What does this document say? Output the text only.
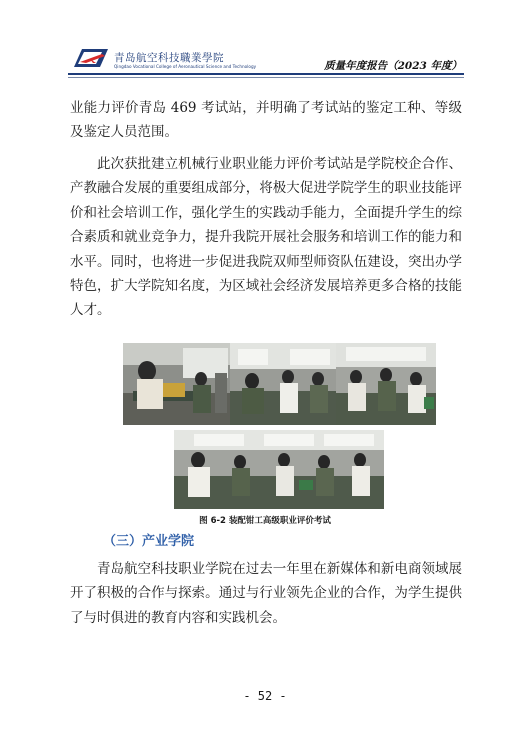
青岛航空科技職業學院
Qingdao Vocational College of Aeronautical Science and Technology	质量年度报告（2023 年度）

业能力评价青岛 469 考试站，并明确了考试站的鉴定工种、等级及鉴定人员范围。

此次获批建立机械行业职业能力评价考试站是学院校企合作、产教融合发展的重要组成部分，将极大促进学院学生的职业技能评价和社会培训工作，强化学生的实践动手能力，全面提升学生的综合素质和就业竞争力，提升我院开展社会服务和培训工作的能力和水平。同时，也将进一步促进我院双师型师资队伍建设，突出办学特色，扩大学院知名度，为区域社会经济发展培养更多合格的技能人才。

图 6-2 装配钳工高级职业评价考试
（三）产业学院

青岛航空科技职业学院在过去一年里在新媒体和新电商领域展开了积极的合作与探索。通过与行业领先企业的合作，为学生提供了与时俱进的教育内容和实践机会。

- 52 -
